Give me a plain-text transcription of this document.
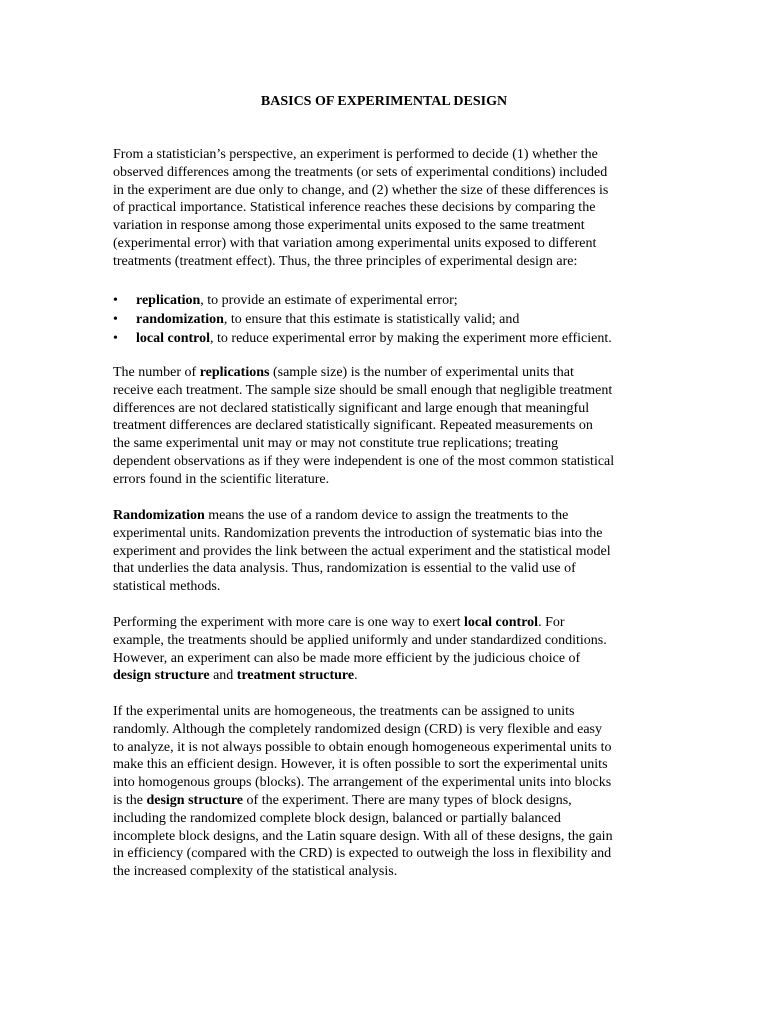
BASICS OF EXPERIMENTAL DESIGN

From a statistician’s perspective, an experiment is performed to decide (1) whether the
observed differences among the treatments (or sets of experimental conditions) included
in the experiment are due only to change, and (2) whether the size of these differences is
of practical importance. Statistical inference reaches these decisions by comparing the
variation in response among those experimental units exposed to the same treatment
(experimental error) with that variation among experimental units exposed to different
treatments (treatment effect). Thus, the three principles of experimental design are:

• replication, to provide an estimate of experimental error;
• randomization, to ensure that this estimate is statistically valid; and
• local control, to reduce experimental error by making the experiment more efficient.

The number of replications (sample size) is the number of experimental units that
receive each treatment. The sample size should be small enough that negligible treatment
differences are not declared statistically significant and large enough that meaningful
treatment differences are declared statistically significant. Repeated measurements on
the same experimental unit may or may not constitute true replications; treating
dependent observations as if they were independent is one of the most common statistical
errors found in the scientific literature.

Randomization means the use of a random device to assign the treatments to the
experimental units. Randomization prevents the introduction of systematic bias into the
experiment and provides the link between the actual experiment and the statistical model
that underlies the data analysis. Thus, randomization is essential to the valid use of
statistical methods.

Performing the experiment with more care is one way to exert local control. For
example, the treatments should be applied uniformly and under standardized conditions.
However, an experiment can also be made more efficient by the judicious choice of
design structure and treatment structure.

If the experimental units are homogeneous, the treatments can be assigned to units
randomly. Although the completely randomized design (CRD) is very flexible and easy
to analyze, it is not always possible to obtain enough homogeneous experimental units to
make this an efficient design. However, it is often possible to sort the experimental units
into homogenous groups (blocks). The arrangement of the experimental units into blocks
is the design structure of the experiment. There are many types of block designs,
including the randomized complete block design, balanced or partially balanced
incomplete block designs, and the Latin square design. With all of these designs, the gain
in efficiency (compared with the CRD) is expected to outweigh the loss in flexibility and
the increased complexity of the statistical analysis.
